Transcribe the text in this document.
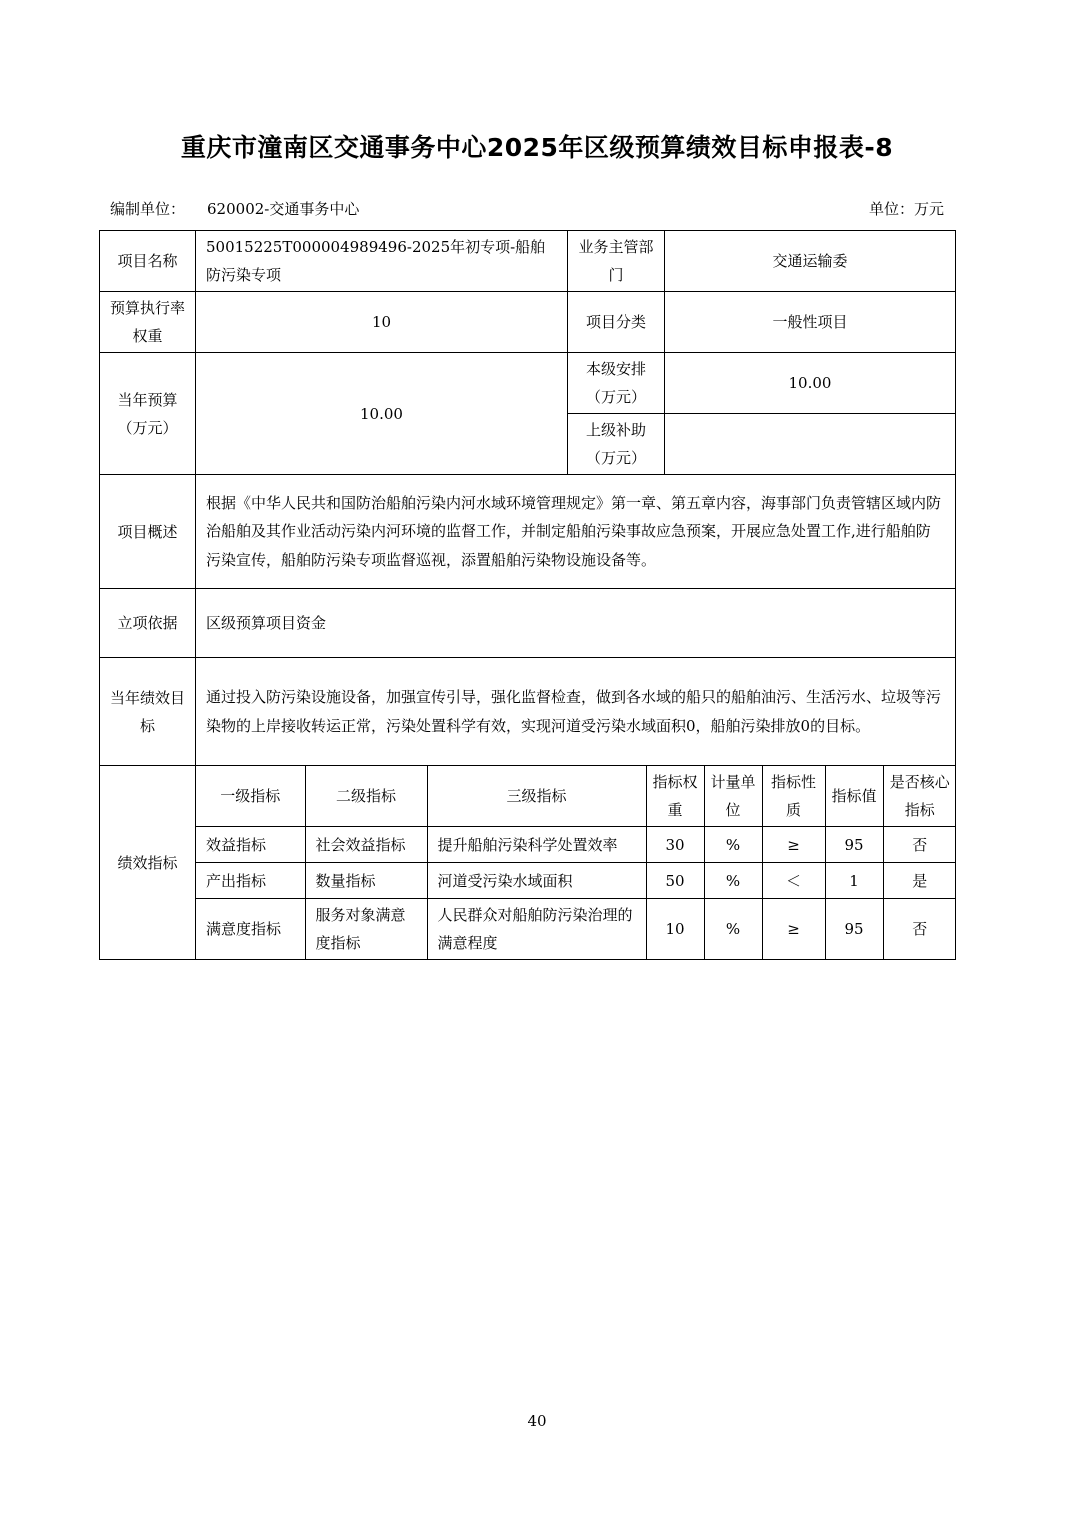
重庆市潼南区交通事务中心2025年区级预算绩效目标申报表-8
编制单位： 620002-交通事务中心	单位：万元
项目名称	50015225T000004989496-2025年初专项-船舶防污染专项	业务主管部门	交通运输委
预算执行率权重	10	项目分类	一般性项目
当年预算（万元）	10.00	本级安排（万元）	10.00
上级补助（万元）	
项目概述	根据《中华人民共和国防治船舶污染内河水域环境管理规定》第一章、第五章内容，海事部门负责管辖区域内防治船舶及其作业活动污染内河环境的监督工作，并制定船舶污染事故应急预案，开展应急处置工作,进行船舶防污染宣传，船舶防污染专项监督巡视，添置船舶污染物设施设备等。
立项依据	区级预算项目资金
当年绩效目标	通过投入防污染设施设备，加强宣传引导，强化监督检查，做到各水域的船只的船舶油污、生活污水、垃圾等污染物的上岸接收转运正常，污染处置科学有效，实现河道受污染水域面积0，船舶污染排放0的目标。
绩效指标	
一级指标	二级指标	三级指标	指标权重	计量单位	指标性质	指标值	是否核心指标
效益指标	社会效益指标	提升船舶污染科学处置效率	30	%	≥	95	否
产出指标	数量指标	河道受污染水域面积	50	%	＜	1	是
满意度指标	服务对象满意度指标	人民群众对船舶防污染治理的满意程度	10	%	≥	95	否
40
